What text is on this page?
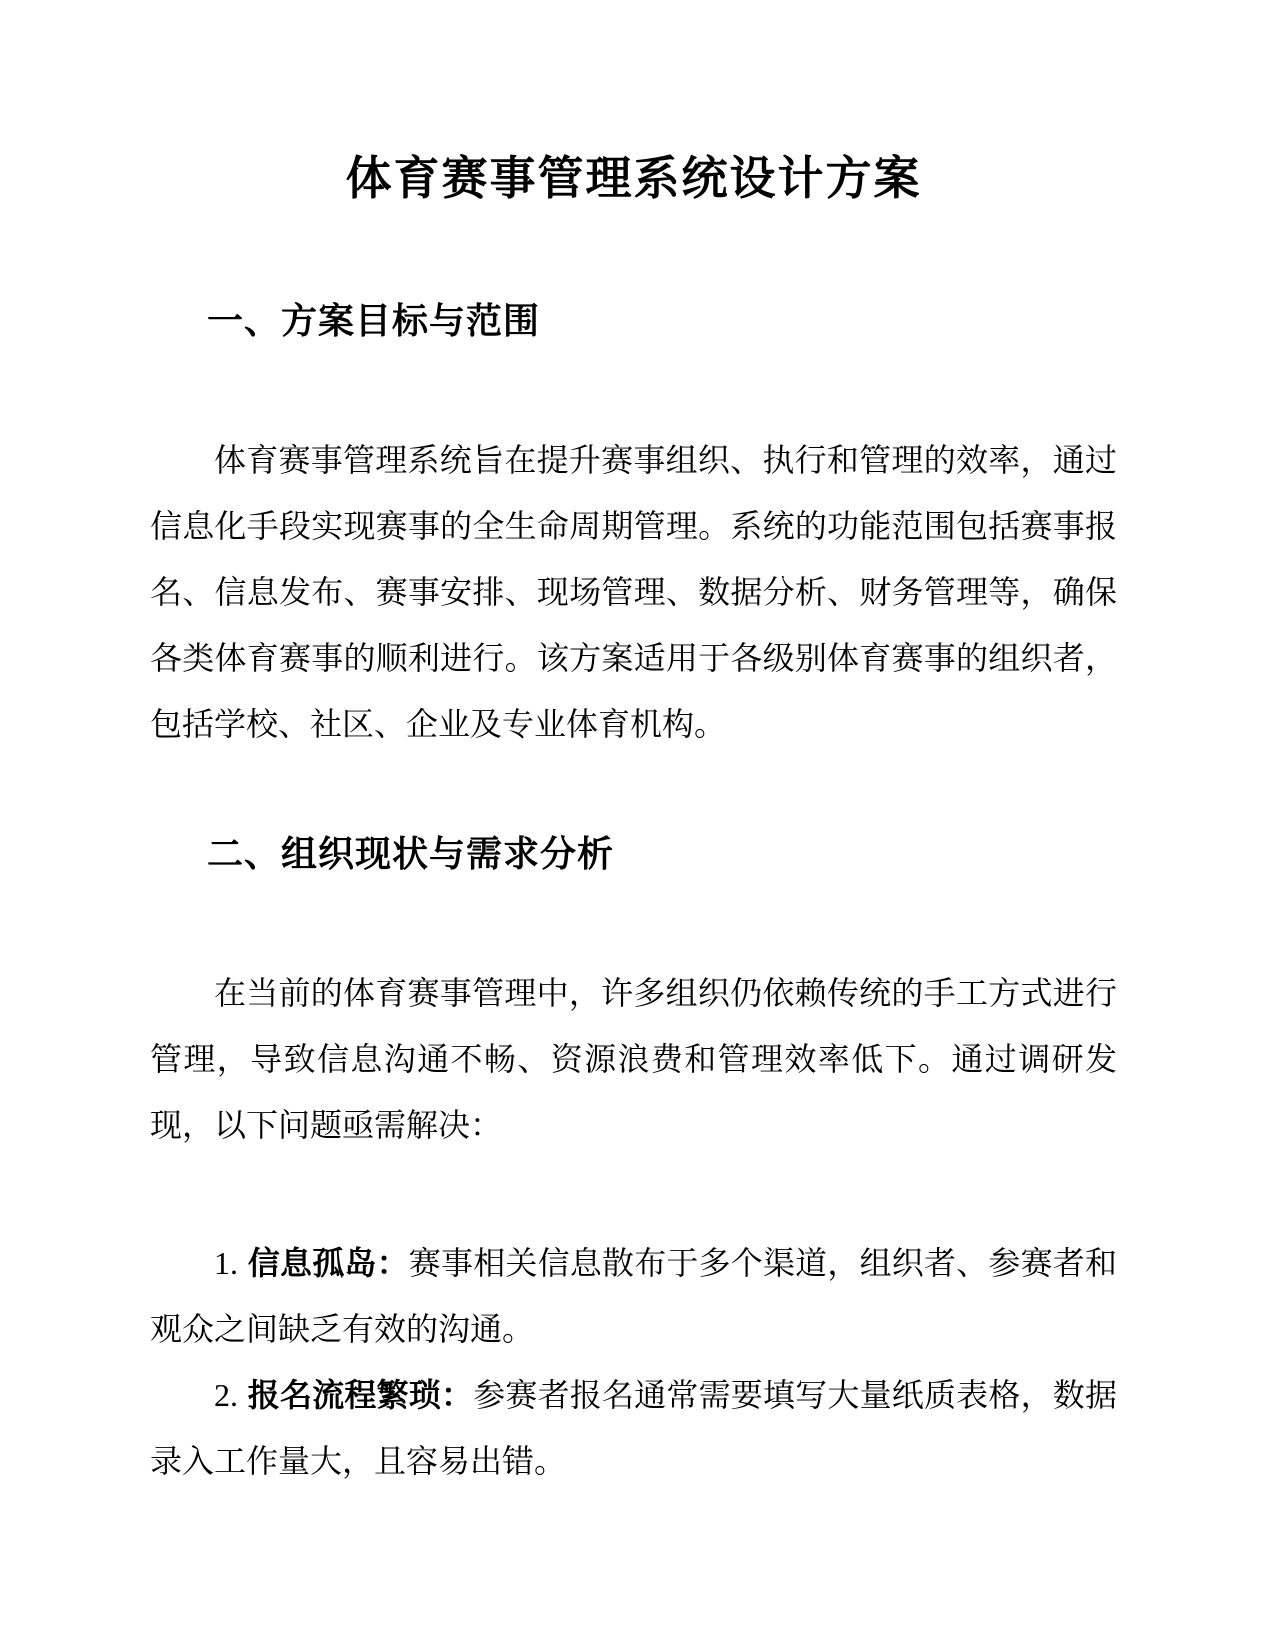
体育赛事管理系统设计方案
一、方案目标与范围

体育赛事管理系统旨在提升赛事组织、执行和管理的效率，通过信息化手段实现赛事的全生命周期管理。系统的功能范围包括赛事报名、信息发布、赛事安排、现场管理、数据分析、财务管理等，确保各类体育赛事的顺利进行。该方案适用于各级别体育赛事的组织者，包括学校、社区、企业及专业体育机构。

二、组织现状与需求分析

在当前的体育赛事管理中，许多组织仍依赖传统的手工方式进行管理，导致信息沟通不畅、资源浪费和管理效率低下。通过调研发现，以下问题亟需解决：

1. 信息孤岛：赛事相关信息散布于多个渠道，组织者、参赛者和观众之间缺乏有效的沟通。

2. 报名流程繁琐：参赛者报名通常需要填写大量纸质表格，数据录入工作量大，且容易出错。
